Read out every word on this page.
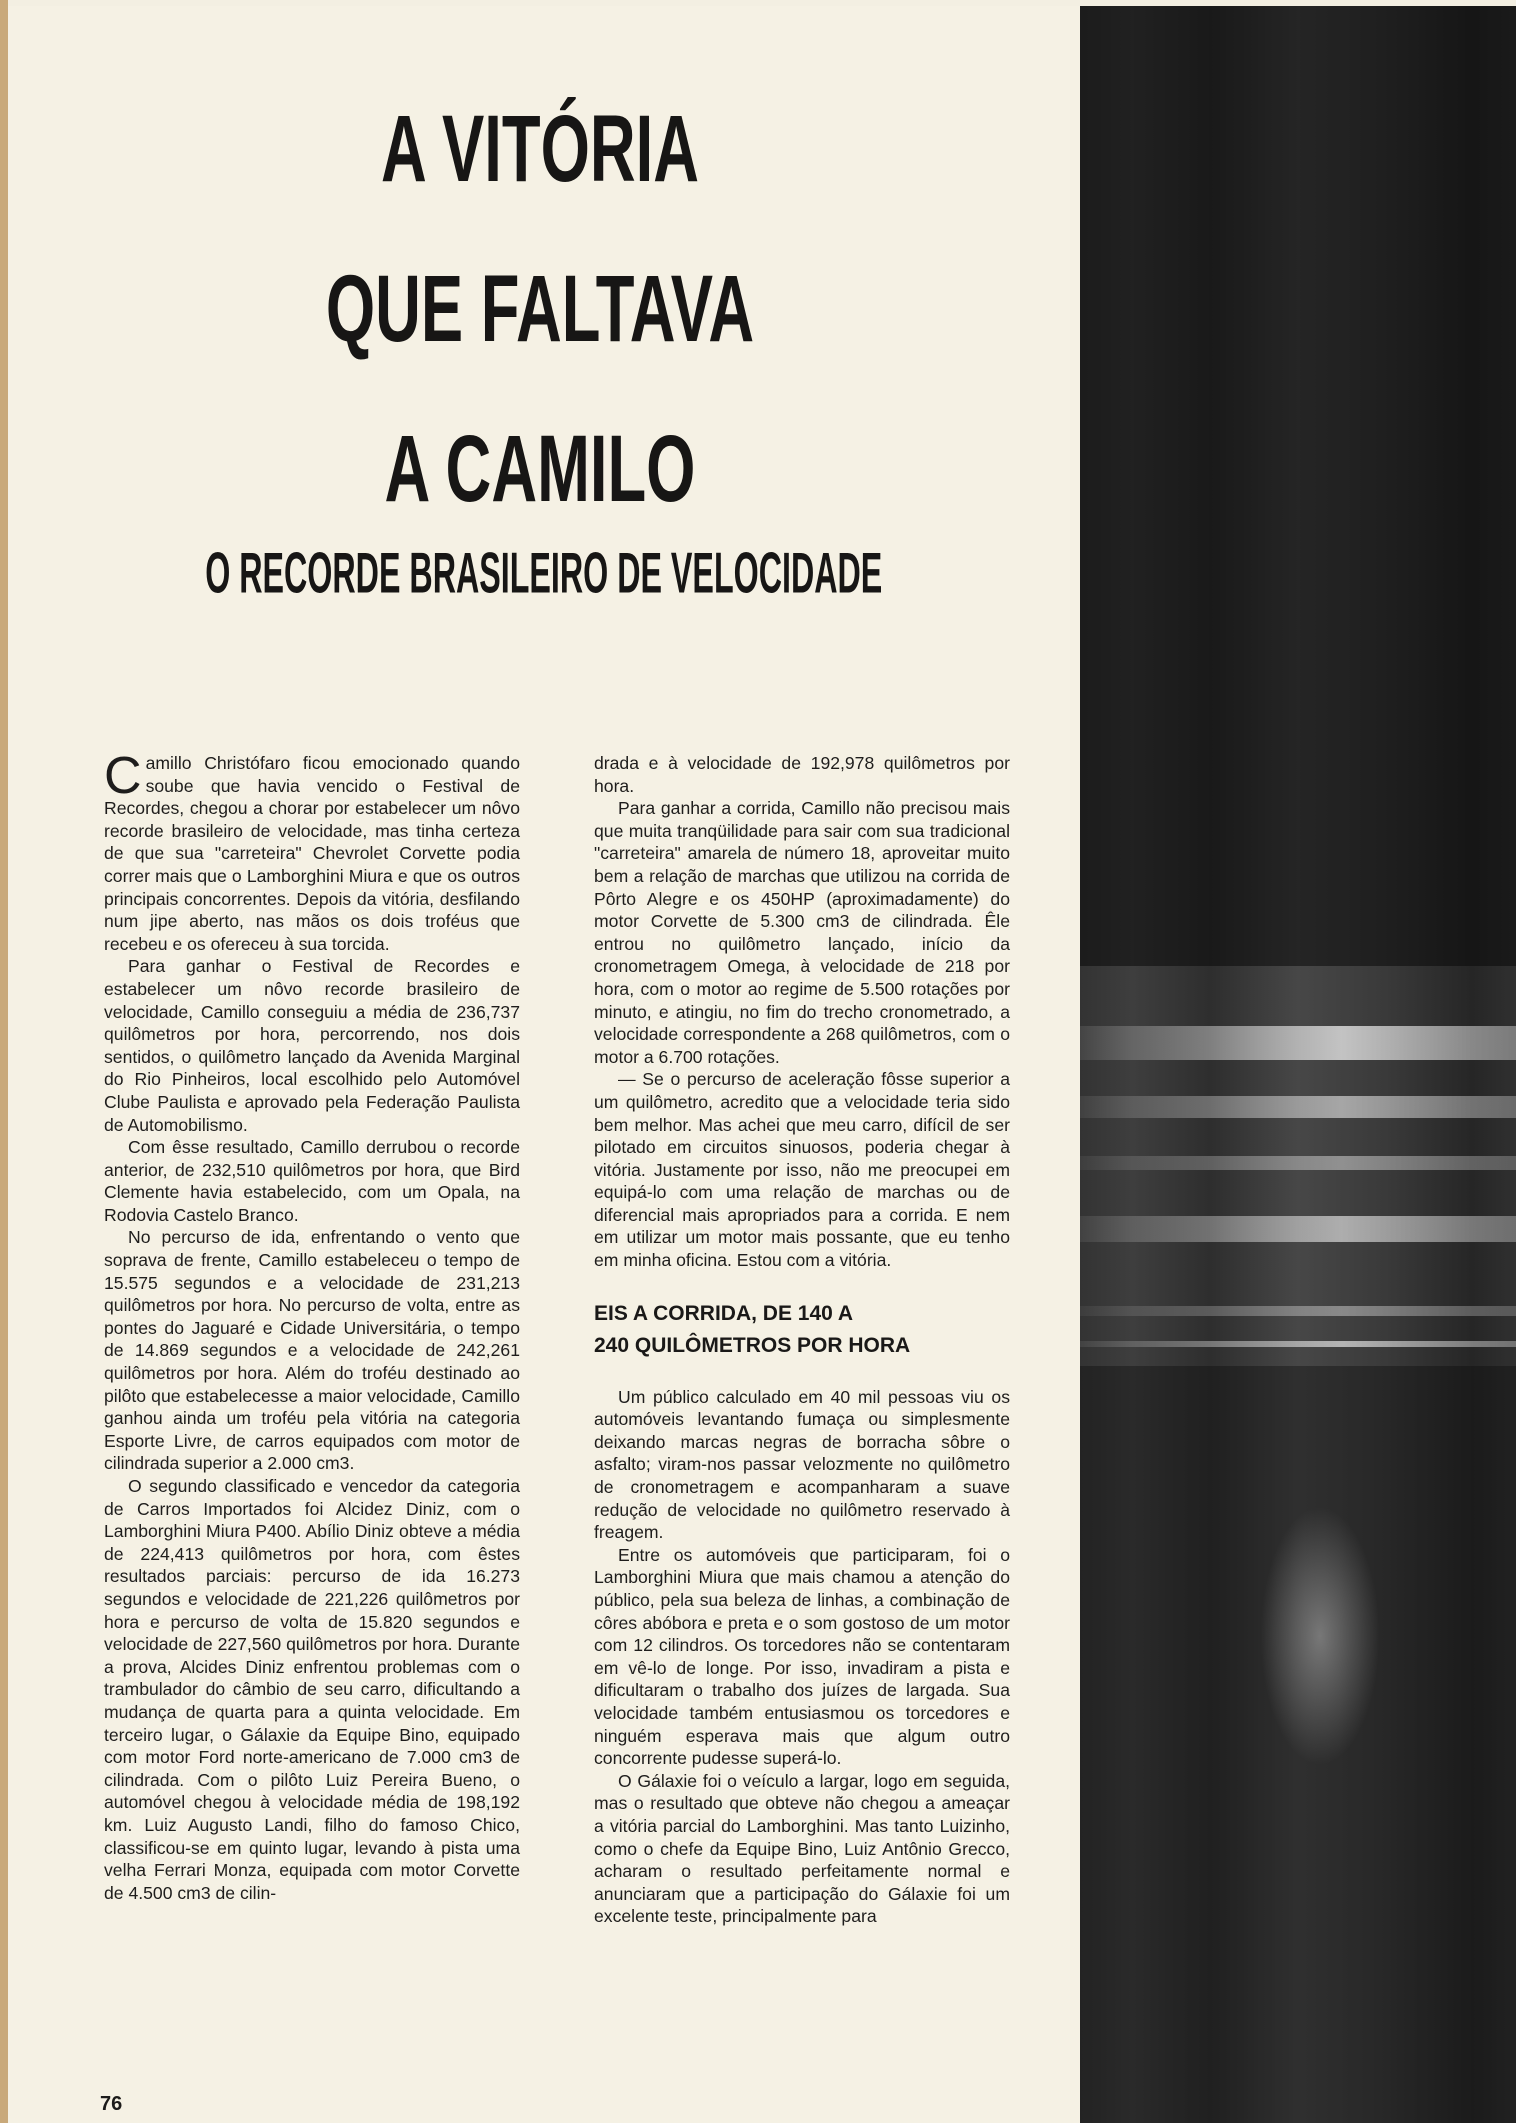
A VITÓRIA
QUE FALTAVA
A CAMILO
O RECORDE BRASILEIRO DE VELOCIDADE

Camillo Christófaro ficou emocionado quando soube que havia vencido o Festival de Recordes, chegou a chorar por estabelecer um nôvo recorde brasileiro de velocidade, mas tinha certeza de que sua "carreteira" Chevrolet Corvette podia correr mais que o Lamborghini Miura e que os outros principais concorrentes. Depois da vitória, desfilando num jipe aberto, nas mãos os dois troféus que recebeu e os ofereceu à sua torcida.

Para ganhar o Festival de Recordes e estabelecer um nôvo recorde brasileiro de velocidade, Camillo conseguiu a média de 236,737 quilômetros por hora, percorrendo, nos dois sentidos, o quilômetro lançado da Avenida Marginal do Rio Pinheiros, local escolhido pelo Automóvel Clube Paulista e aprovado pela Federação Paulista de Automobilismo.

Com êsse resultado, Camillo derrubou o recorde anterior, de 232,510 quilômetros por hora, que Bird Clemente havia estabelecido, com um Opala, na Rodovia Castelo Branco.

No percurso de ida, enfrentando o vento que soprava de frente, Camillo estabeleceu o tempo de 15.575 segundos e a velocidade de 231,213 quilômetros por hora. No percurso de volta, entre as pontes do Jaguaré e Cidade Universitária, o tempo de 14.869 segundos e a velocidade de 242,261 quilômetros por hora. Além do troféu destinado ao pilôto que estabelecesse a maior velocidade, Camillo ganhou ainda um troféu pela vitória na categoria Esporte Livre, de carros equipados com motor de cilindrada superior a 2.000 cm3.

O segundo classificado e vencedor da categoria de Carros Importados foi Alcidez Diniz, com o Lamborghini Miura P400. Abílio Diniz obteve a média de 224,413 quilômetros por hora, com êstes resultados parciais: percurso de ida 16.273 segundos e velocidade de 221,226 quilômetros por hora e percurso de volta de 15.820 segundos e velocidade de 227,560 quilômetros por hora. Durante a prova, Alcides Diniz enfrentou problemas com o trambulador do câmbio de seu carro, dificultando a mudança de quarta para a quinta velocidade. Em terceiro lugar, o Gálaxie da Equipe Bino, equipado com motor Ford norte-americano de 7.000 cm3 de cilindrada. Com o pilôto Luiz Pereira Bueno, o automóvel chegou à velocidade média de 198,192 km. Luiz Augusto Landi, filho do famoso Chico, classificou-se em quinto lugar, levando à pista uma velha Ferrari Monza, equipada com motor Corvette de 4.500 cm3 de cilin-

drada e à velocidade de 192,978 quilômetros por hora.

Para ganhar a corrida, Camillo não precisou mais que muita tranqüilidade para sair com sua tradicional "carreteira" amarela de número 18, aproveitar muito bem a relação de marchas que utilizou na corrida de Pôrto Alegre e os 450HP (aproximadamente) do motor Corvette de 5.300 cm3 de cilindrada. Êle entrou no quilômetro lançado, início da cronometragem Omega, à velocidade de 218 por hora, com o motor ao regime de 5.500 rotações por minuto, e atingiu, no fim do trecho cronometrado, a velocidade correspondente a 268 quilômetros, com o motor a 6.700 rotações.

— Se o percurso de aceleração fôsse superior a um quilômetro, acredito que a velocidade teria sido bem melhor. Mas achei que meu carro, difícil de ser pilotado em circuitos sinuosos, poderia chegar à vitória. Justamente por isso, não me preocupei em equipá-lo com uma relação de marchas ou de diferencial mais apropriados para a corrida. E nem em utilizar um motor mais possante, que eu tenho em minha oficina. Estou com a vitória.

EIS A CORRIDA, DE 140 A
240 QUILÔMETROS POR HORA

Um público calculado em 40 mil pessoas viu os automóveis levantando fumaça ou simplesmente deixando marcas negras de borracha sôbre o asfalto; viram-nos passar velozmente no quilômetro de cronometragem e acompanharam a suave redução de velocidade no quilômetro reservado à freagem.

Entre os automóveis que participaram, foi o Lamborghini Miura que mais chamou a atenção do público, pela sua beleza de linhas, a combinação de côres abóbora e preta e o som gostoso de um motor com 12 cilindros. Os torcedores não se contentaram em vê-lo de longe. Por isso, invadiram a pista e dificultaram o trabalho dos juízes de largada. Sua velocidade também entusiasmou os torcedores e ninguém esperava mais que algum outro concorrente pudesse superá-lo.

O Gálaxie foi o veículo a largar, logo em seguida, mas o resultado que obteve não chegou a ameaçar a vitória parcial do Lamborghini. Mas tanto Luizinho, como o chefe da Equipe Bino, Luiz Antônio Grecco, acharam o resultado perfeitamente normal e anunciaram que a participação do Gálaxie foi um excelente teste, principalmente para

76
